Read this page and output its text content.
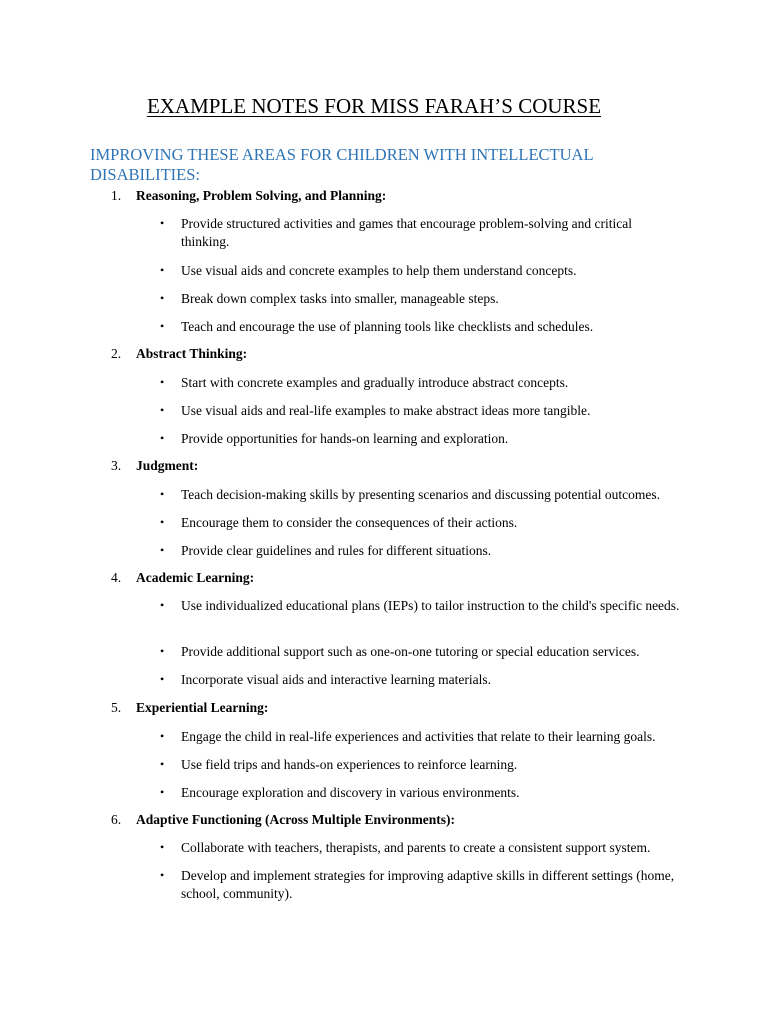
EXAMPLE NOTES FOR MISS FARAH’S COURSE
IMPROVING THESE AREAS FOR CHILDREN WITH INTELLECTUAL DISABILITIES:
1. Reasoning, Problem Solving, and Planning:
• Provide structured activities and games that encourage problem-solving and critical thinking.
• Use visual aids and concrete examples to help them understand concepts.
• Break down complex tasks into smaller, manageable steps.
• Teach and encourage the use of planning tools like checklists and schedules.
2. Abstract Thinking:
• Start with concrete examples and gradually introduce abstract concepts.
• Use visual aids and real-life examples to make abstract ideas more tangible.
• Provide opportunities for hands-on learning and exploration.
3. Judgment:
• Teach decision-making skills by presenting scenarios and discussing potential outcomes.
• Encourage them to consider the consequences of their actions.
• Provide clear guidelines and rules for different situations.
4. Academic Learning:
• Use individualized educational plans (IEPs) to tailor instruction to the child's specific needs.
• Provide additional support such as one-on-one tutoring or special education services.
• Incorporate visual aids and interactive learning materials.
5. Experiential Learning:
• Engage the child in real-life experiences and activities that relate to their learning goals.
• Use field trips and hands-on experiences to reinforce learning.
• Encourage exploration and discovery in various environments.
6. Adaptive Functioning (Across Multiple Environments):
• Collaborate with teachers, therapists, and parents to create a consistent support system.
• Develop and implement strategies for improving adaptive skills in different settings (home, school, community).
